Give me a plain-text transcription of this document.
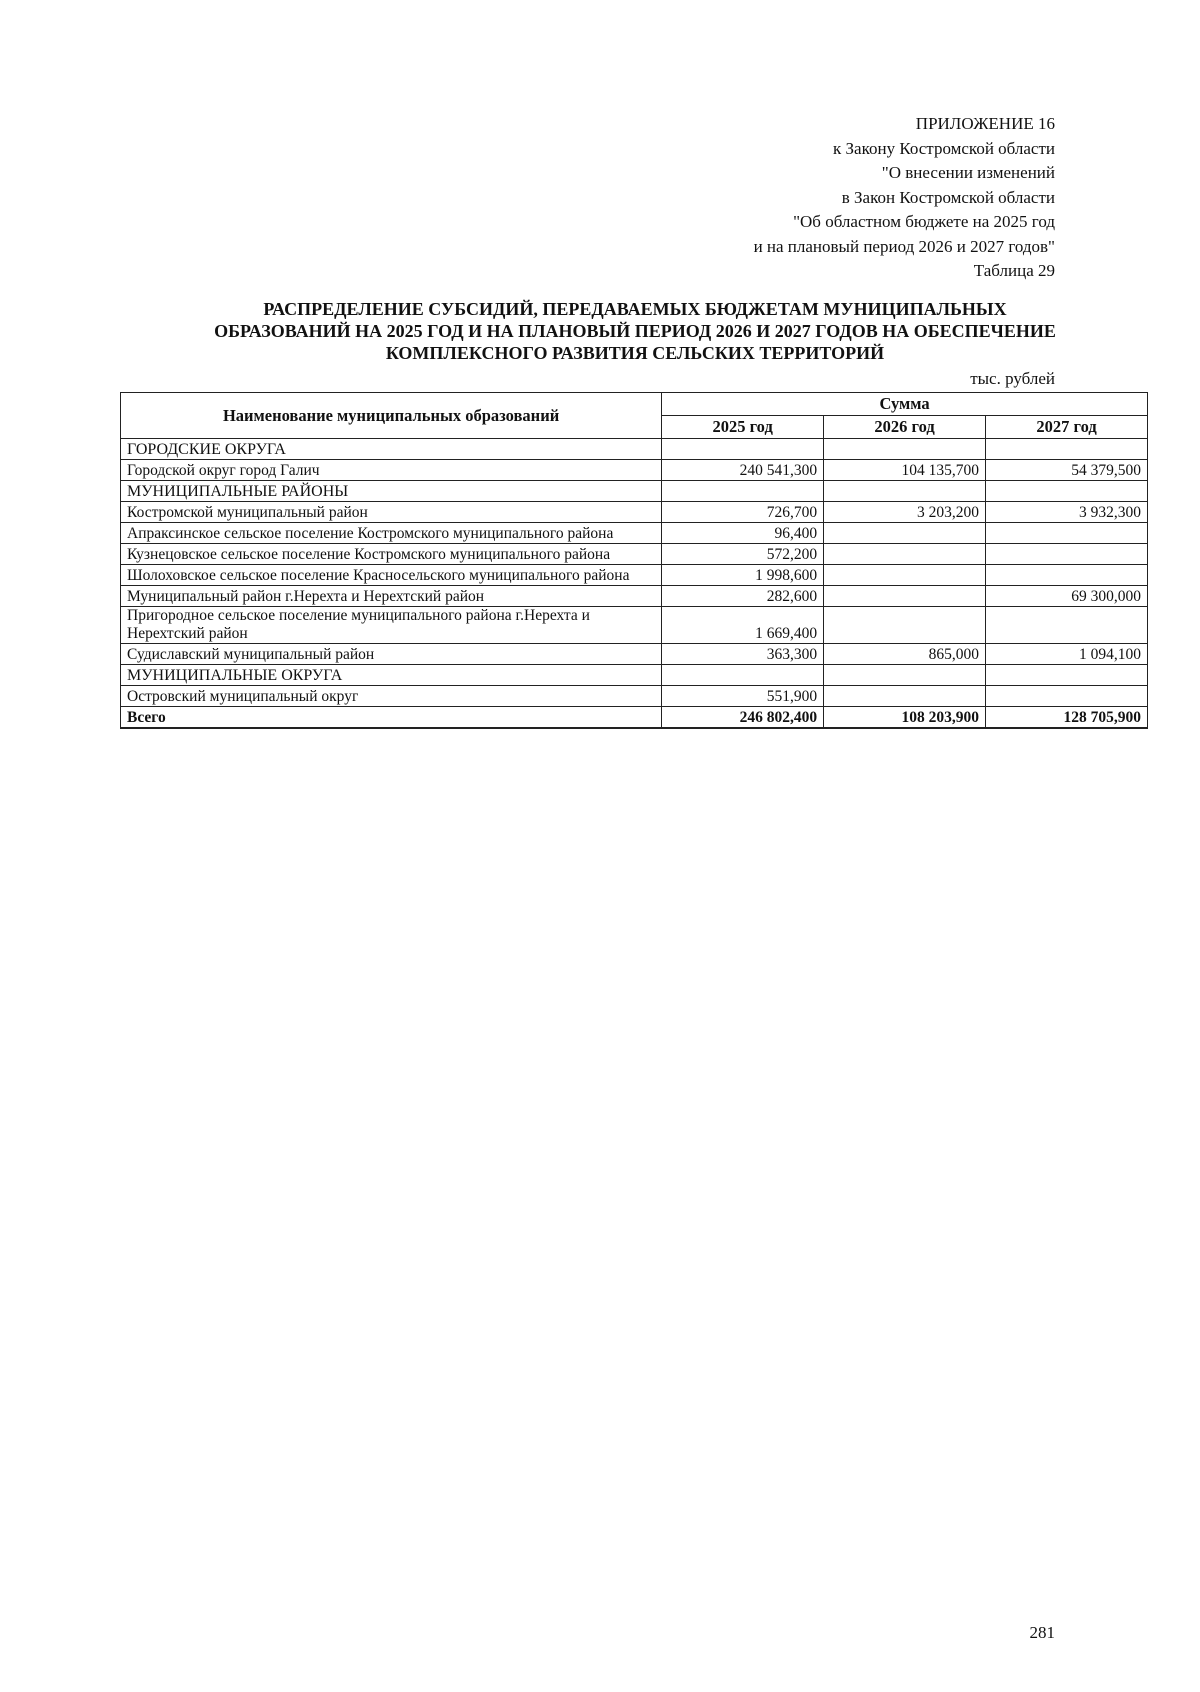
ПРИЛОЖЕНИЕ 16
к Закону Костромской области
"О внесении изменений
в Закон Костромской области
"Об областном бюджете на 2025 год
и на плановый период 2026 и 2027 годов"
Таблица 29
РАСПРЕДЕЛЕНИЕ СУБСИДИЙ, ПЕРЕДАВАЕМЫХ БЮДЖЕТАМ МУНИЦИПАЛЬНЫХ
ОБРАЗОВАНИЙ НА 2025 ГОД И НА ПЛАНОВЫЙ ПЕРИОД 2026 И 2027 ГОДОВ НА ОБЕСПЕЧЕНИЕ
КОМПЛЕКСНОГО РАЗВИТИЯ СЕЛЬСКИХ ТЕРРИТОРИЙ
тыс. рублей
Наименование муниципальных образований	Сумма		
	2025 год	2026 год	2027 год
ГОРОДСКИЕ ОКРУГА			
Городской округ город Галич	240 541,300	104 135,700	54 379,500
МУНИЦИПАЛЬНЫЕ РАЙОНЫ			
Костромской муниципальный район	726,700	3 203,200	3 932,300
Апраксинское сельское поселение Костромского муниципального района	96,400		
Кузнецовское сельское поселение Костромского муниципального района	572,200		
Шолоховское сельское поселение Красносельского муниципального района	1 998,600		
Муниципальный район г.Нерехта и Нерехтский район	282,600		69 300,000
Пригородное сельское поселение муниципального района г.Нерехта и Нерехтский район	1 669,400		
Судиславский муниципальный район	363,300	865,000	1 094,100
МУНИЦИПАЛЬНЫЕ ОКРУГА			
Островский муниципальный округ	551,900		
Всего	246 802,400	108 203,900	128 705,900
281
